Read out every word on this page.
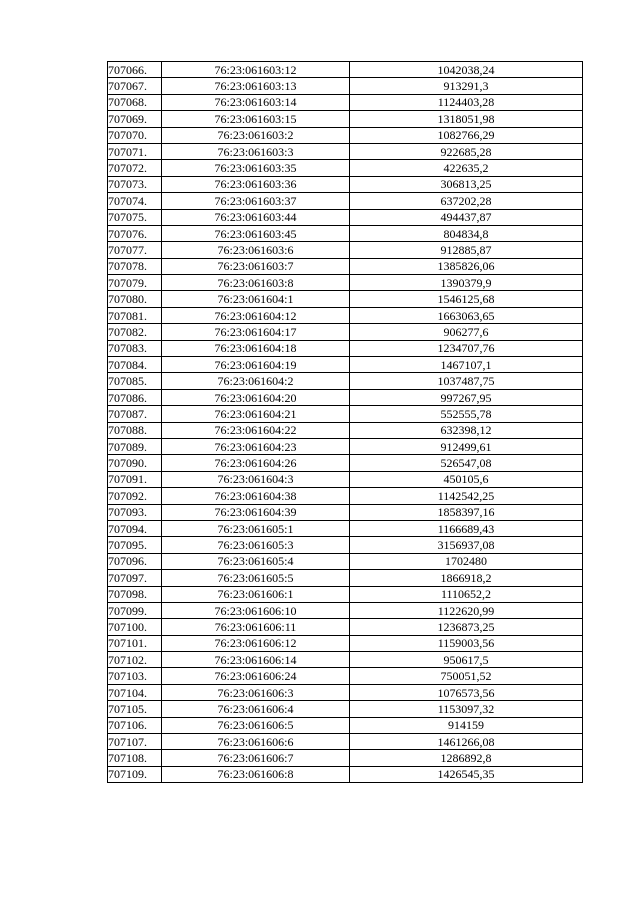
707066.	76:23:061603:12	1042038,24
707067.	76:23:061603:13	913291,3
707068.	76:23:061603:14	1124403,28
707069.	76:23:061603:15	1318051,98
707070.	76:23:061603:2	1082766,29
707071.	76:23:061603:3	922685,28
707072.	76:23:061603:35	422635,2
707073.	76:23:061603:36	306813,25
707074.	76:23:061603:37	637202,28
707075.	76:23:061603:44	494437,87
707076.	76:23:061603:45	804834,8
707077.	76:23:061603:6	912885,87
707078.	76:23:061603:7	1385826,06
707079.	76:23:061603:8	1390379,9
707080.	76:23:061604:1	1546125,68
707081.	76:23:061604:12	1663063,65
707082.	76:23:061604:17	906277,6
707083.	76:23:061604:18	1234707,76
707084.	76:23:061604:19	1467107,1
707085.	76:23:061604:2	1037487,75
707086.	76:23:061604:20	997267,95
707087.	76:23:061604:21	552555,78
707088.	76:23:061604:22	632398,12
707089.	76:23:061604:23	912499,61
707090.	76:23:061604:26	526547,08
707091.	76:23:061604:3	450105,6
707092.	76:23:061604:38	1142542,25
707093.	76:23:061604:39	1858397,16
707094.	76:23:061605:1	1166689,43
707095.	76:23:061605:3	3156937,08
707096.	76:23:061605:4	1702480
707097.	76:23:061605:5	1866918,2
707098.	76:23:061606:1	1110652,2
707099.	76:23:061606:10	1122620,99
707100.	76:23:061606:11	1236873,25
707101.	76:23:061606:12	1159003,56
707102.	76:23:061606:14	950617,5
707103.	76:23:061606:24	750051,52
707104.	76:23:061606:3	1076573,56
707105.	76:23:061606:4	1153097,32
707106.	76:23:061606:5	914159
707107.	76:23:061606:6	1461266,08
707108.	76:23:061606:7	1286892,8
707109.	76:23:061606:8	1426545,35
